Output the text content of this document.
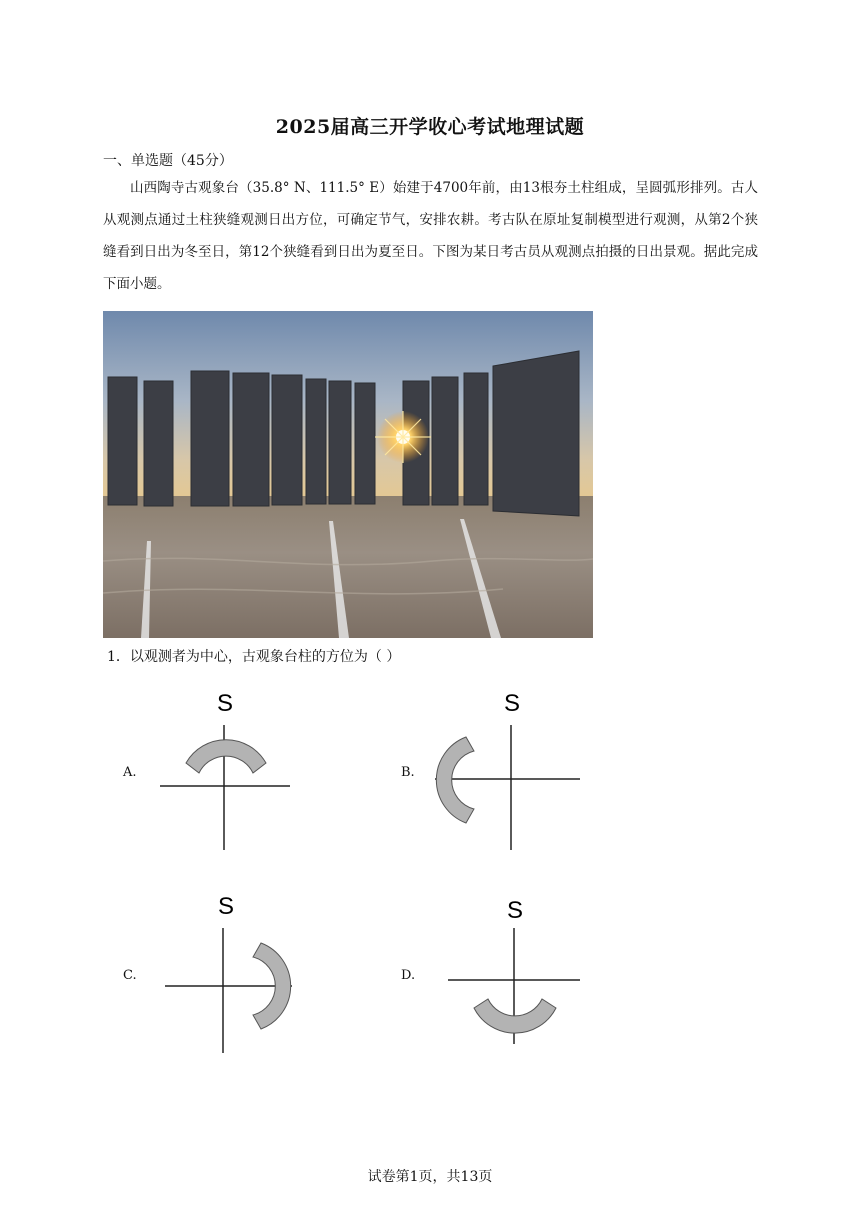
2025届高三开学收心考试地理试题
一、单选题（45分）
山西陶寺古观象台（35.8° N、111.5° E）始建于4700年前，由13根夯土柱组成，呈圆弧形排列。古人从观测点通过土柱狭缝观测日出方位，可确定节气，安排农耕。考古队在原址复制模型进行观测，从第2个狭缝看到日出为冬至日，第12个狭缝看到日出为夏至日。下图为某日考古员从观测点拍摄的日出景观。据此完成下面小题。
1．以观测者为中心，古观象台柱的方位为（ ）
A.
S
B.
S
C.
S
D.
S
试卷第1页，共13页
